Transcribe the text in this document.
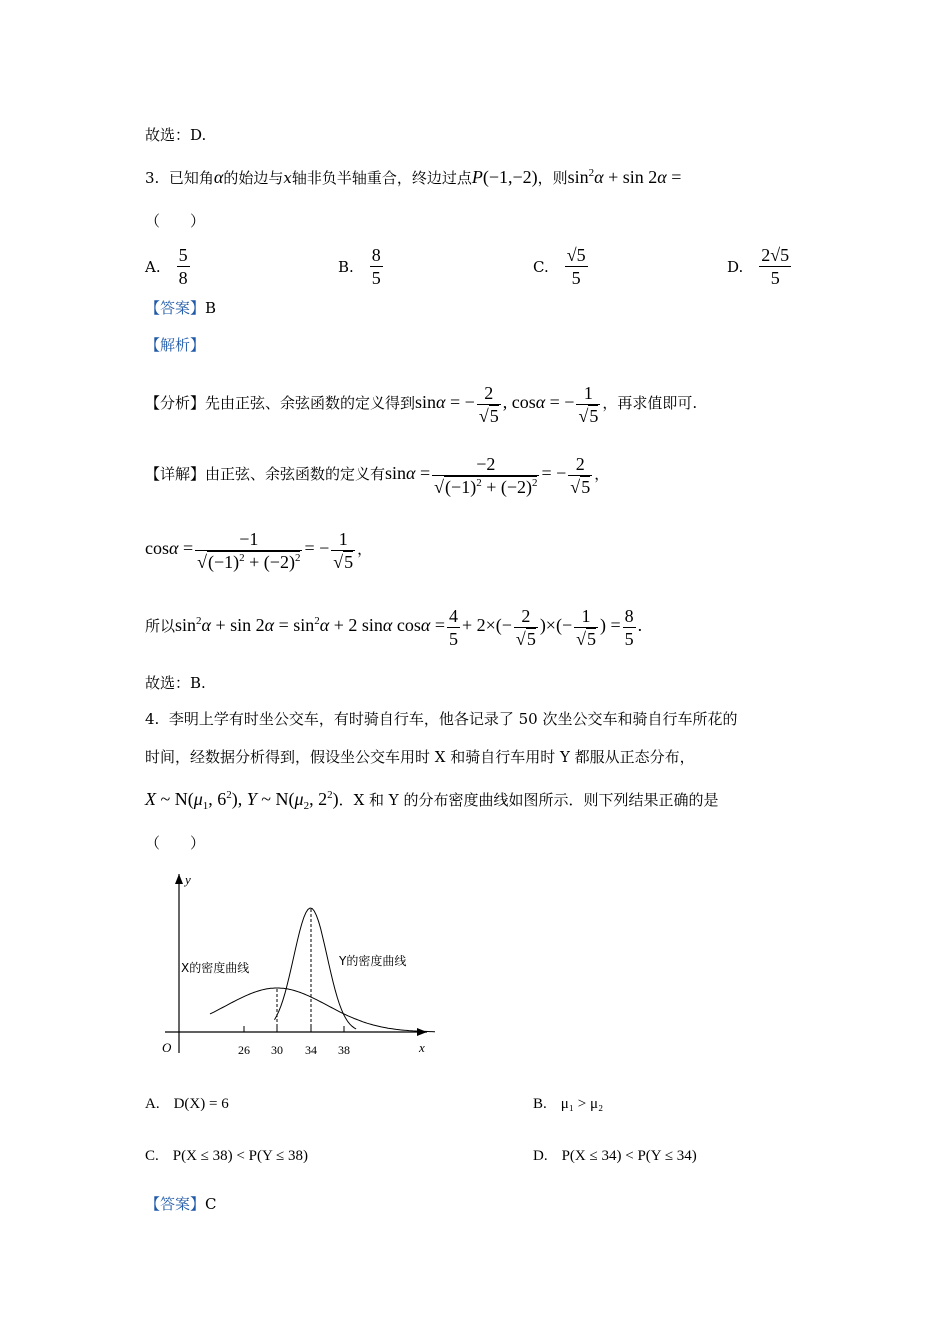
故选：D.
3. 已知角α的始边与x轴非负半轴重合，终边过点P(−1,−2)，则$\sin^2\alpha + \sin 2\alpha$ =
（　　）
A. $\frac{5}{8}$	B. $\frac{8}{5}$	C. $\frac{√5}{5}$	D. $\frac{2√5}{5}$
【答案】B
【解析】
【分析】先由正弦、余弦函数的定义得到sinα = − $\frac{2}{√5}$ , cosα = − $\frac{1}{√5}$ ，再求值即可.
【详解】由正弦、余弦函数的定义有$\sin\alpha = \frac{-2}{√(-1)^2 + (-2)^2}$ = − $\frac{2}{√5}$ ，
$\cos\alpha = \frac{-1}{√(-1)^2 + (-2)^2}$ = − $\frac{1}{√5}$ ，
所以$\sin^2\alpha + \sin 2\alpha = \sin^2\alpha + 2$ sinα $\cos\alpha = \frac{4}{5} + 2\times(- \frac{2}{√5}$ )×(− $\frac{1}{√5}$ ) = $\frac{8}{5}$ .
故选：B.
4. 李明上学有时坐公交车，有时骑自行车，他各记录了 50 次坐公交车和骑自行车所花的
时间，经数据分析得到，假设坐公交车用时 X 和骑自行车用时 Y 都服从正态分布，
X ~ $N(\mu_1$, $6^2$), Y ~ $N(\mu_2$, $2^2$)．X 和 Y 的分布密度曲线如图所示．则下列结果正确的是
（　　）
y
x
O	26 30 34 38
X的密度曲线	Y的密度曲线
A. D(X) = 6	B. μ₁ > μ₂
C. P(X ≤ 38) < P(Y ≤ 38)	D. P(X ≤ 34) < P(Y ≤ 34)
【答案】C
